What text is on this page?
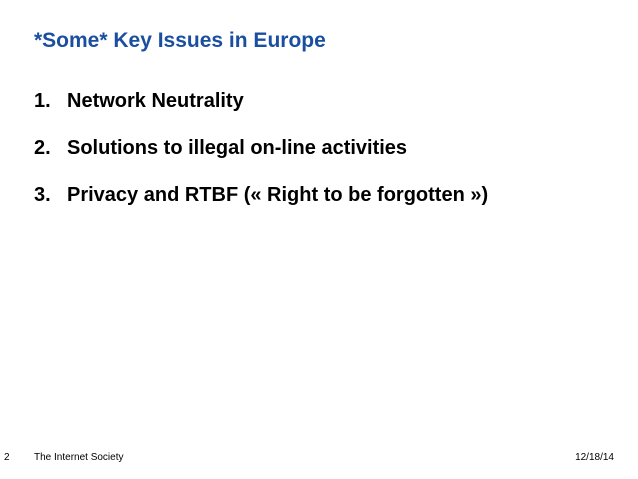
*Some* Key Issues in Europe
1. Network Neutrality
2. Solutions to illegal on-line activities
3. Privacy and RTBF (« Right to be forgotten »)
2 The Internet Society	12/18/14
